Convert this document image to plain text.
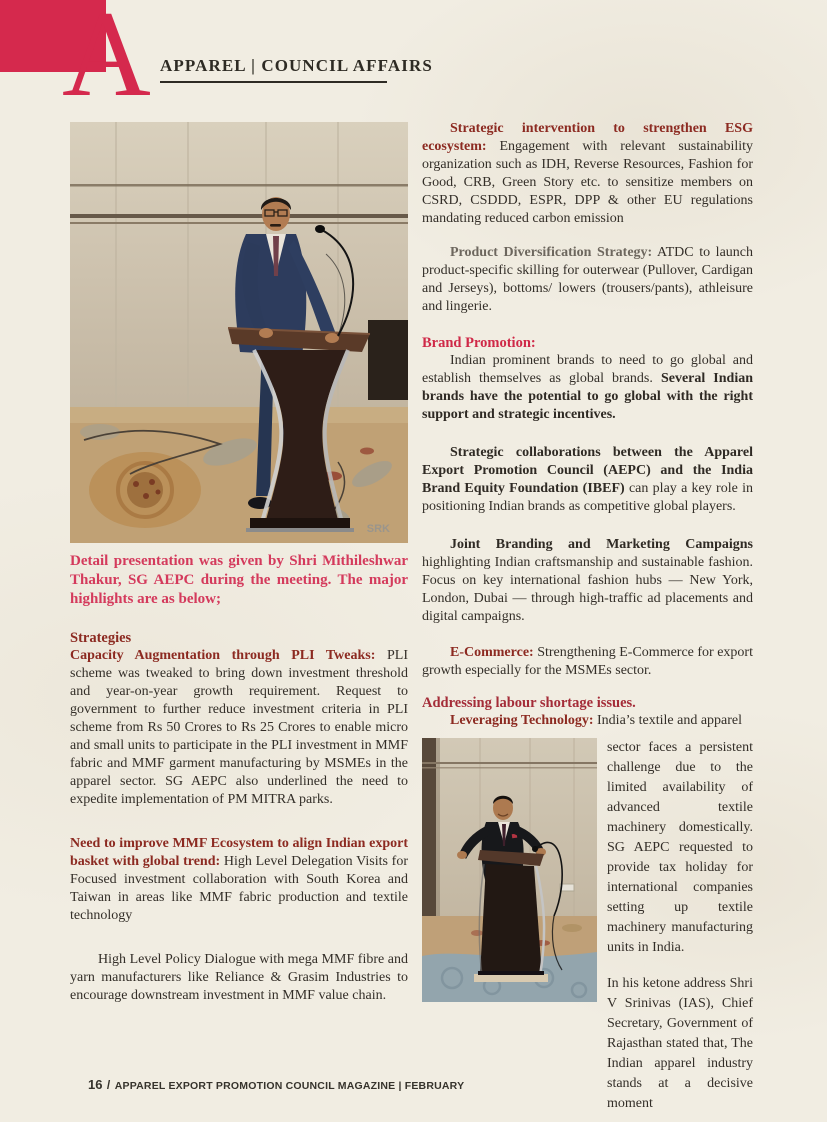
A APPAREL | COUNCIL AFFAIRS
SRK

Detail presentation was given by Shri Mithileshwar Thakur, SG AEPC during the meeting. The major highlights are as below;

Strategies

Capacity Augmentation through PLI Tweaks: PLI scheme was tweaked to bring down investment threshold and year-on-year growth requirement. Request to government to further reduce investment criteria in PLI scheme from Rs 50 Crores to Rs 25 Crores to enable micro and small units to participate in the PLI investment in MMF fabric and MMF garment manufacturing by MSMEs in the apparel sector. SG AEPC also underlined the need to expedite implementation of PM MITRA parks.

Need to improve MMF Ecosystem to align Indian export basket with global trend: High Level Delegation Visits for Focused investment collaboration with South Korea and Taiwan in areas like MMF fabric production and textile technology

High Level Policy Dialogue with mega MMF fibre and yarn manufacturers like Reliance & Grasim Industries to encourage downstream investment in MMF value chain.

Strategic intervention to strengthen ESG ecosystem: Engagement with relevant sustainability organization such as IDH, Reverse Resources, Fashion for Good, CRB, Green Story etc. to sensitize members on CSRD, CSDDD, ESPR, DPP & other EU regulations mandating reduced carbon emission

Product Diversification Strategy: ATDC to launch product-specific skilling for outerwear (Pullover, Cardigan and Jerseys), bottoms/ lowers (trousers/pants), athleisure and lingerie.

Brand Promotion:

Indian prominent brands to need to go global and establish themselves as global brands. Several Indian brands have the potential to go global with the right support and strategic incentives.

Strategic collaborations between the Apparel Export Promotion Council (AEPC) and the India Brand Equity Foundation (IBEF) can play a key role in positioning Indian brands as competitive global players.

Joint Branding and Marketing Campaigns highlighting Indian craftsmanship and sustainable fashion. Focus on key international fashion hubs — New York, London, Dubai — through high-traffic ad placements and digital campaigns.

E-Commerce: Strengthening E-Commerce for export growth especially for the MSMEs sector.

Addressing labour shortage issues.

Leveraging Technology: India’s textile and apparel

sector faces a persistent challenge due to the limited availability of advanced textile machinery domestically. SG AEPC requested to provide tax holiday for international companies setting up textile machinery manufacturing units in India.

In his ketone address Shri V Srinivas (IAS), Chief Secretary, Government of Rajasthan stated that, The Indian apparel industry stands at a decisive moment

16 / APPAREL EXPORT PROMOTION COUNCIL MAGAZINE | FEBRUARY
